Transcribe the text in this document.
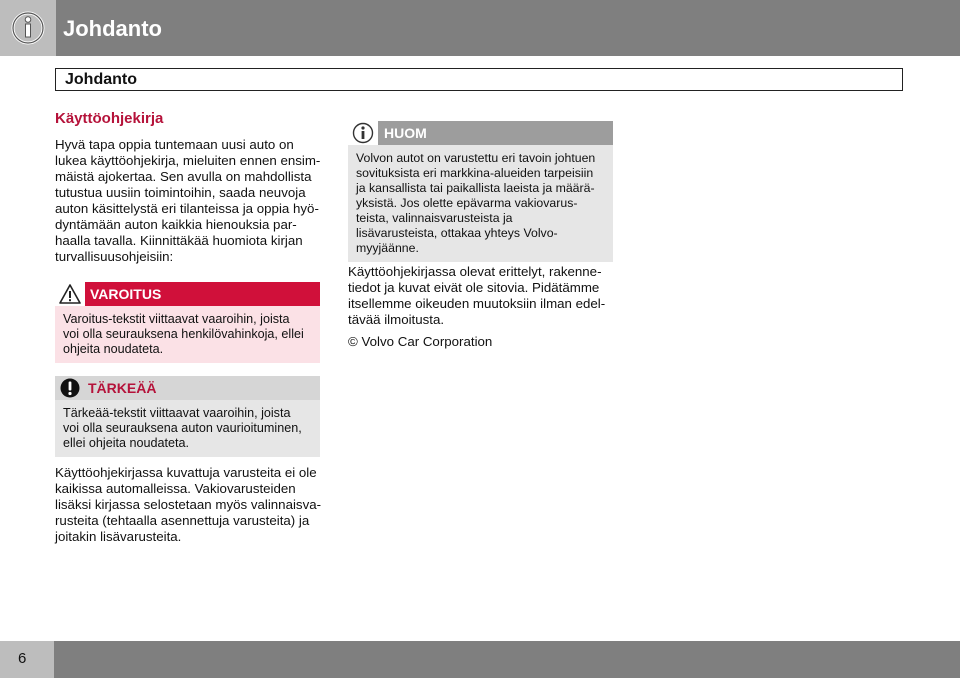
Johdanto
Johdanto
Käyttöohjekirja
Hyvä tapa oppia tuntemaan uusi auto on
lukea käyttöohjekirja, mieluiten ennen ensim-
mäistä ajokertaa. Sen avulla on mahdollista
tutustua uusiin toimintoihin, saada neuvoja
auton käsittelystä eri tilanteissa ja oppia hyö-
dyntämään auton kaikkia hienouksia par-
haalla tavalla. Kiinnittäkää huomiota kirjan
turvallisuusohjeisiin:
VAROITUS
Varoitus-tekstit viittaavat vaaroihin, joista
voi olla seurauksena henkilövahinkoja, ellei
ohjeita noudateta.
TÄRKEÄÄ
Tärkeää-tekstit viittaavat vaaroihin, joista
voi olla seurauksena auton vaurioituminen,
ellei ohjeita noudateta.
Käyttöohjekirjassa kuvattuja varusteita ei ole
kaikissa automalleissa. Vakiovarusteiden
lisäksi kirjassa selostetaan myös valinnaisva-
rusteita (tehtaalla asennettuja varusteita) ja
joitakin lisävarusteita.
HUOM
Volvon autot on varustettu eri tavoin johtuen
sovituksista eri markkina-alueiden tarpeisiin
ja kansallista tai paikallista laeista ja määrä-
yksistä. Jos olette epävarma vakiovarus-
teista, valinnaisvarusteista ja
lisävarusteista, ottakaa yhteys Volvo-
myyjäänne.
Käyttöohjekirjassa olevat erittelyt, rakenne-
tiedot ja kuvat eivät ole sitovia. Pidätämme
itsellemme oikeuden muutoksiin ilman edel-
tävää ilmoitusta.
© Volvo Car Corporation
6
